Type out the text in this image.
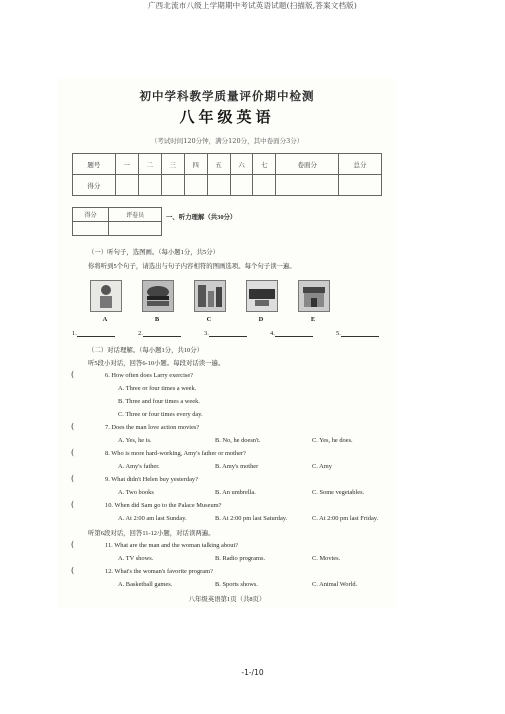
广西北流市八级上学期期中考试英语试题(扫描版,答案文档版)
初中学科教学质量评价期中检测
八年级英语
（考试时间120分钟，满分120分，其中卷面分3分）
题号	一	二	三	四	五	六	七	卷面分	总分
得分									
得分	评卷员
		一、听力理解（共30分）
（一）听句子，选图画。（每小题1分，共5分）
你将听到5个句子，请选出与句子内容相符的图画选项。每个句子读一遍。
A	B	C	D	E
1.	2.	3.	4.	5.
（二）对话理解。（每小题1分，共10分）
听5段小对话，回答6-10小题。每段对话读一遍。
(	6. How often does Larry exercise?
A. Three or four times a week.
B. Three and four times a week.
C. Three or four times every day.
(	7. Does the man love action movies?
A. Yes, he is.	B. No, he doesn't.	C. Yes, he does.
(	8. Who is more hard-working, Amy's father or mother?
A. Amy's father.	B. Amy's mother	C. Amy
(	9. What didn't Helen buy yesterday?
A. Two books	B. An umbrella.	C. Some vegetables.
(	10. When did Sam go to the Palace Museum?
A. At 2:00 am last Sunday.	B. At 2:00 pm last Saturday.	C. At 2:00 pm last Friday.
听第6段对话，回答11-12小题，对话读两遍。
(	11. What are the man and the woman talking about?
A. TV shows.	B. Radio programs.	C. Movies.
(	12. What's the woman's favorite program?
A. Basketball games.	B. Sports shows.	C. Animal World.
八年级英语第1页（共8页）
-1-/10
